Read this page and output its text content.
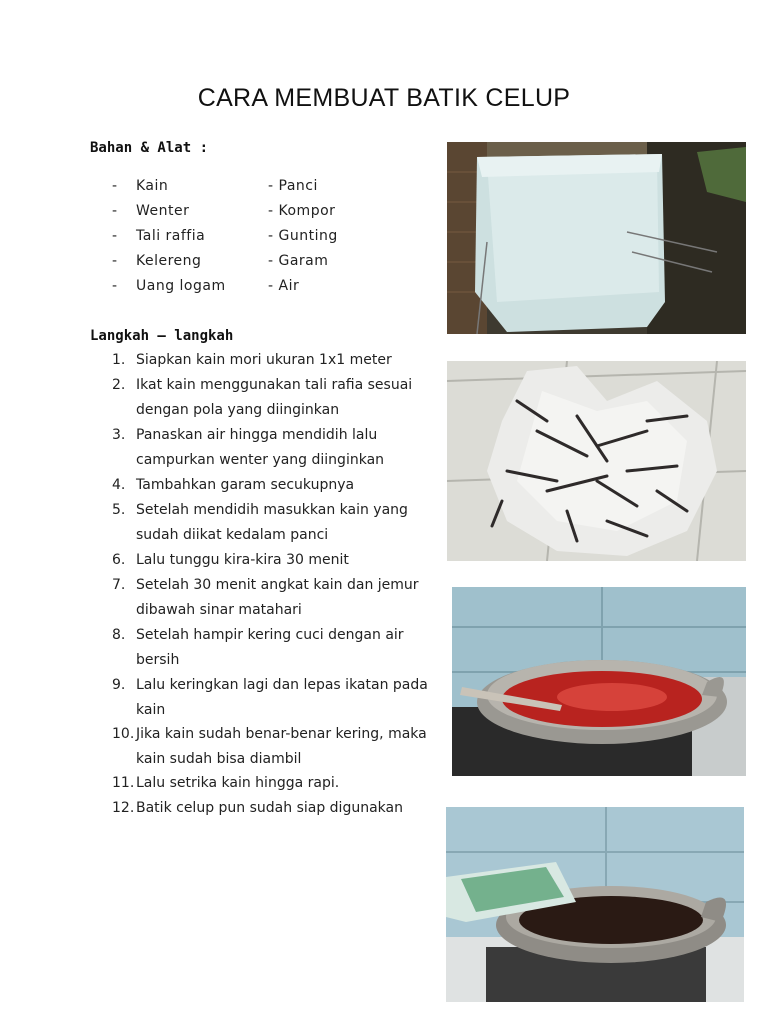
CARA MEMBUAT BATIK CELUP
Bahan & Alat :
- Kain	- Panci
- Wenter	- Kompor
- Tali raffia	- Gunting
- Kelereng	- Garam
- Uang logam	- Air
Langkah – langkah
1. Siapkan kain mori ukuran 1x1 meter
2. Ikat kain menggunakan tali rafia sesuai dengan pola yang diinginkan
3. Panaskan air hingga mendidih lalu campurkan wenter yang diinginkan
4. Tambahkan garam secukupnya
5. Setelah mendidih masukkan kain yang sudah diikat kedalam panci
6. Lalu tunggu kira-kira 30 menit
7. Setelah 30 menit angkat kain dan jemur dibawah sinar matahari
8. Setelah hampir kering cuci dengan air bersih
9. Lalu keringkan lagi dan lepas ikatan pada kain
10. Jika kain sudah benar-benar kering, maka kain sudah bisa diambil
11. Lalu setrika kain hingga rapi.
12. Batik celup pun sudah siap digunakan
